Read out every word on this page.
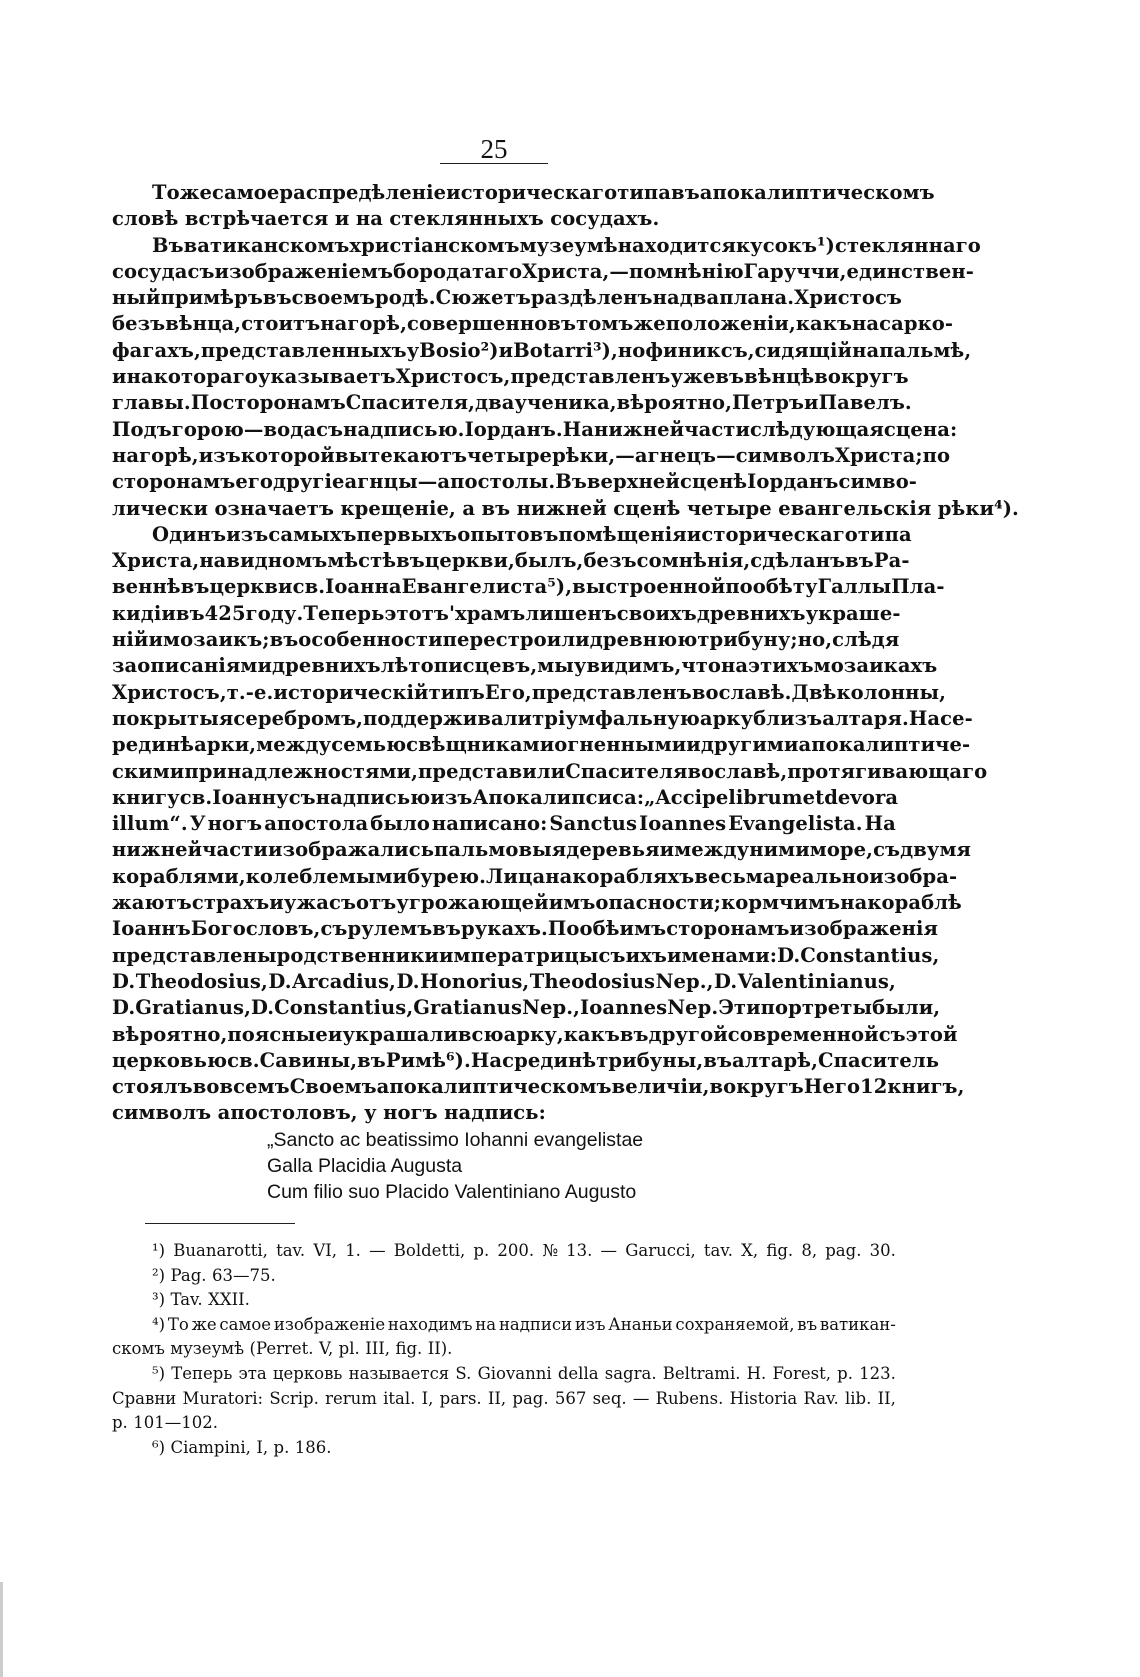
25
То же самое распредѣленіе историческаго типа въ апокалиптическомъ
словѣ встрѣчается и на стеклянныхъ сосудахъ.
Въ ватиканскомъ христіанскомъ музеумѣ находится кусокъ¹) стекляннаго
сосуда съ изображеніемъ бородатаго Христа, — по мнѣнію Гаруччи, единствен-
ный примѣръ въ своемъ родѣ. Сюжетъ раздѣленъ на два плана. Христосъ
безъ вѣнца, стоитъ на горѣ, совершенно въ томъ же положеніи, какъ на сарко-
фагахъ, представленныхъ у Bosio²) и Botarri³), но финиксъ, сидящій на пальмѣ,
и на котораго указываетъ Христосъ, представленъ уже въ вѣнцѣ вокругъ
главы. По сторонамъ Спасителя, два ученика, вѣроятно, Петръ и Павелъ.
Подъ горою — вода съ надписью. Іорданъ. На нижней части слѣдующая сцена:
на горѣ, изъ которой вытекаютъ четыре рѣки, — агнецъ — символъ Христа; по
сторонамъ его другіе агнцы — апостолы. Въ верхней сценѣ Іорданъ симво-
лически означаетъ крещеніе, а въ нижней сценѣ четыре евангельскія рѣки⁴).
Одинъ изъ самыхъ первыхъ опытовъ помѣщенія историческаго типа
Христа, на видномъ мѣстѣ въ церкви, былъ, безъ сомнѣнія, сдѣланъ въ Ра-
веннѣ въ церкви св. Іоанна Евангелиста⁵), выстроенной по обѣту Галлы Пла-
кидіи въ 425 году. Теперь этотъ' храмъ лишенъ своихъ древнихъ украше-
ній и мозаикъ; въ особенности перестроили древнюю трибуну; но, слѣдя
за описаніями древнихъ лѣтописцевъ, мы увидимъ, что на этихъ мозаикахъ
Христосъ, т.-е. историческій типъ Его, представленъ во славѣ. Двѣ колонны,
покрытыя серебромъ, поддерживали тріумфальную арку близъ алтаря. На се-
рединѣ арки, между семью свѣщниками огненными и другими апокалиптиче-
скими принадлежностями, представили Спасителя во славѣ, протягивающаго
книгу св. Іоанну съ надписью изъ Апокалипсиса: „Accipe librum et devora
illum“. У ногъ апостола было написано: Sanctus Ioannes Evangelista. На
нижней части изображались пальмовыя деревья и между ними море, съ двумя
кораблями, колеблемыми бурею. Лица на корабляхъ весьма реально изобра-
жаютъ страхъ и ужасъ отъ угрожающей имъ опасности; кормчимъ на кораблѣ
Іоаннъ Богословъ, съ рулемъ въ рукахъ. По обѣимъ сторонамъ изображенія
представлены родственники императрицы съ ихъ именами: D. Constantius,
D. Theodosius, D. Arcadius, D. Honorius, Theodosius Nep., D. Valentinianus,
D. Gratianus, D. Constantius, Gratianus Nep., Ioannes Nep. Эти портреты были,
вѣроятно, поясные и украшали всю арку, какъ въ другой современной съ этой
церковью св. Савины, въ Римѣ⁶). На срединѣ трибуны, въ алтарѣ, Спаситель
стоялъ во всемъ Своемъ апокалиптическомъ величіи, вокругъ Него 12 книгъ,
символъ апостоловъ, у ногъ надпись:
„Sancto ac beatissimo Iohanni evangelistae
Galla Placidia Augusta
Cum filio suo Placido Valentiniano Augusto
¹) Buanarotti, tav. VI, 1. — Boldetti, p. 200. № 13. — Garucci, tav. X, fig. 8, pag. 30.
²) Pag. 63—75.
³) Tav. XXII.
⁴) То же самое изображеніе находимъ на надписи изъ Ананьи сохраняемой, въ ватикан-
скомъ музеумѣ (Perret. V, pl. III, fig. II).
⁵) Теперь эта церковь называется S. Giovanni della sagra. Beltrami. H. Forest, p. 123.
Сравни Muratori: Scrip. rerum ital. I, pars. II, pag. 567 seq. — Rubens. Historia Rav. lib. II,
p. 101—102.
⁶) Ciampini, I, p. 186.
